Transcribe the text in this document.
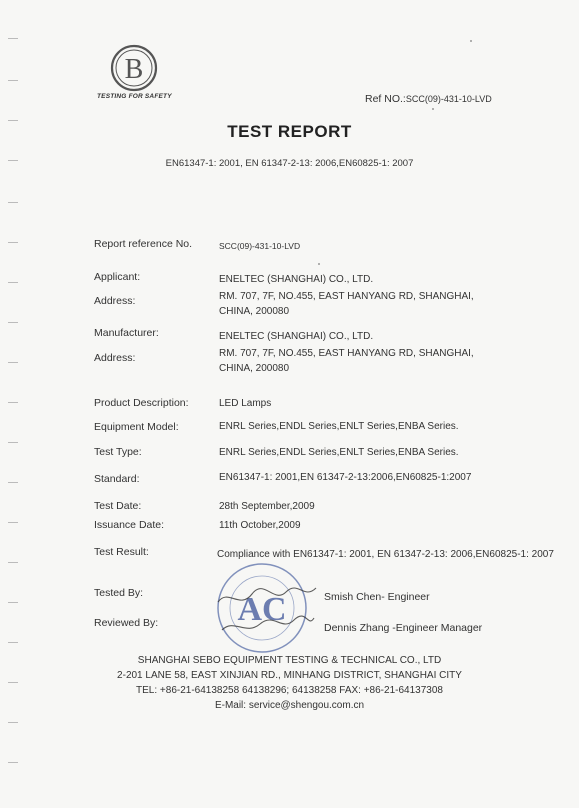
B
TESTING FOR SAFETY	Ref NO.:SCC(09)-431-10-LVD
TEST REPORT
EN61347-1: 2001, EN 61347-2-13: 2006,EN60825-1: 2007
Report reference No.	SCC(09)-431-10-LVD
Applicant:	ENELTEC (SHANGHAI) CO., LTD.
Address:	RM. 707, 7F, NO.455, EAST HANYANG RD, SHANGHAI,
CHINA, 200080
Manufacturer:	ENELTEC (SHANGHAI) CO., LTD.
Address:	RM. 707, 7F, NO.455, EAST HANYANG RD, SHANGHAI,
CHINA, 200080
Product Description:	LED Lamps
Equipment Model:	ENRL Series,ENDL Series,ENLT Series,ENBA Series.
Test Type:	ENRL Series,ENDL Series,ENLT Series,ENBA Series.
Standard:	EN61347-1: 2001,EN 61347-2-13:2006,EN60825-1:2007
Test Date:	28th September,2009
Issuance Date:	11th October,2009
Test Result:	Compliance with EN61347-1: 2001, EN 61347-2-13: 2006,EN60825-1: 2007
Tested By:	Smish Chen- Engineer
Reviewed By:	Dennis Zhang -Engineer Manager
AC
SHANGHAI SEBO EQUIPMENT TESTING & TECHNICAL CO., LTD
2-201 LANE 58, EAST XINJIAN RD., MINHANG DISTRICT, SHANGHAI CITY
TEL: +86-21-64138258 64138296; 64138258 FAX: +86-21-64137308
E-Mail: service@shengou.com.cn
